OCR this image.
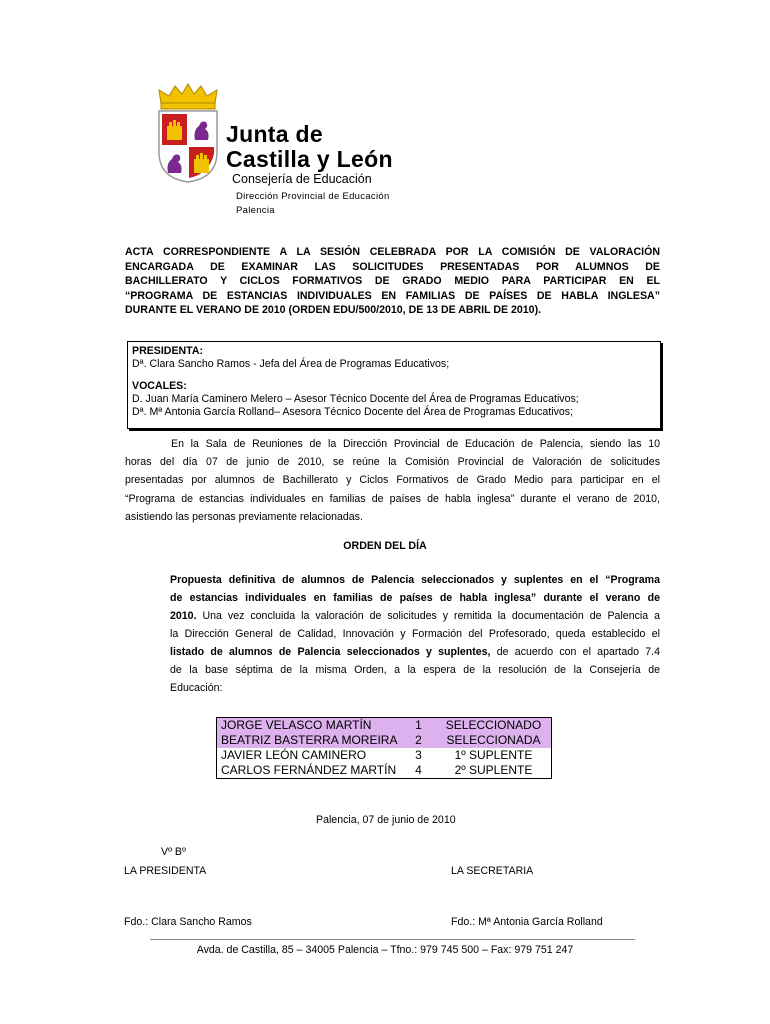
Junta de
Castilla y León
Consejería de Educación
Dirección Provincial de Educación
Palencia
ACTA CORRESPONDIENTE A LA SESIÓN CELEBRADA POR LA COMISIÓN DE VALORACIÓN
ENCARGADA DE EXAMINAR LAS SOLICITUDES PRESENTADAS POR ALUMNOS DE
BACHILLERATO Y CICLOS FORMATIVOS DE GRADO MEDIO PARA PARTICIPAR EN EL
“PROGRAMA DE ESTANCIAS INDIVIDUALES EN FAMILIAS DE PAÍSES DE HABLA INGLESA”
DURANTE EL VERANO DE 2010 (ORDEN EDU/500/2010, DE 13 DE ABRIL DE 2010).
PRESIDENTA:
Dª. Clara Sancho Ramos - Jefa del Área de Programas Educativos;
VOCALES:
D. Juan María Caminero Melero – Asesor Técnico Docente del Área de Programas Educativos;
Dª. Mª Antonia García Rolland– Asesora Técnico Docente del Área de Programas Educativos;
En la Sala de Reuniones de la Dirección Provincial de Educación de Palencia, siendo las 10
horas del día 07 de junio de 2010, se reúne la Comisión Provincial de Valoración de solicitudes
presentadas por alumnos de Bachillerato y Ciclos Formativos de Grado Medio para participar en el
“Programa de estancias individuales en familias de países de habla inglesa” durante el verano de 2010,
asistiendo las personas previamente relacionadas.
ORDEN DEL DÍA
Propuesta definitiva de alumnos de Palencia seleccionados y suplentes en el “Programa
de estancias individuales en familias de países de habla inglesa” durante el verano de
2010. Una vez concluida la valoración de solicitudes y remitida la documentación de Palencia a
la Dirección General de Calidad, Innovación y Formación del Profesorado, queda establecido el
listado de alumnos de Palencia seleccionados y suplentes, de acuerdo con el apartado 7.4
de la base séptima de la misma Orden, a la espera de la resolución de la Consejería de
Educación:
JORGE VELASCO MARTÍN	1	SELECCIONADO
BEATRIZ BASTERRA MOREIRA	2	SELECCIONADA
JAVIER LEÓN CAMINERO	3	1º SUPLENTE
CARLOS FERNÁNDEZ MARTÍN	4	2º SUPLENTE
Palencia, 07 de junio de 2010
Vº Bº
LA PRESIDENTA	LA SECRETARIA
Fdo.: Clara Sancho Ramos	Fdo.: Mª Antonia García Rolland
Avda. de Castilla, 85 – 34005 Palencia – Tfno.: 979 745 500 – Fax: 979 751 247
